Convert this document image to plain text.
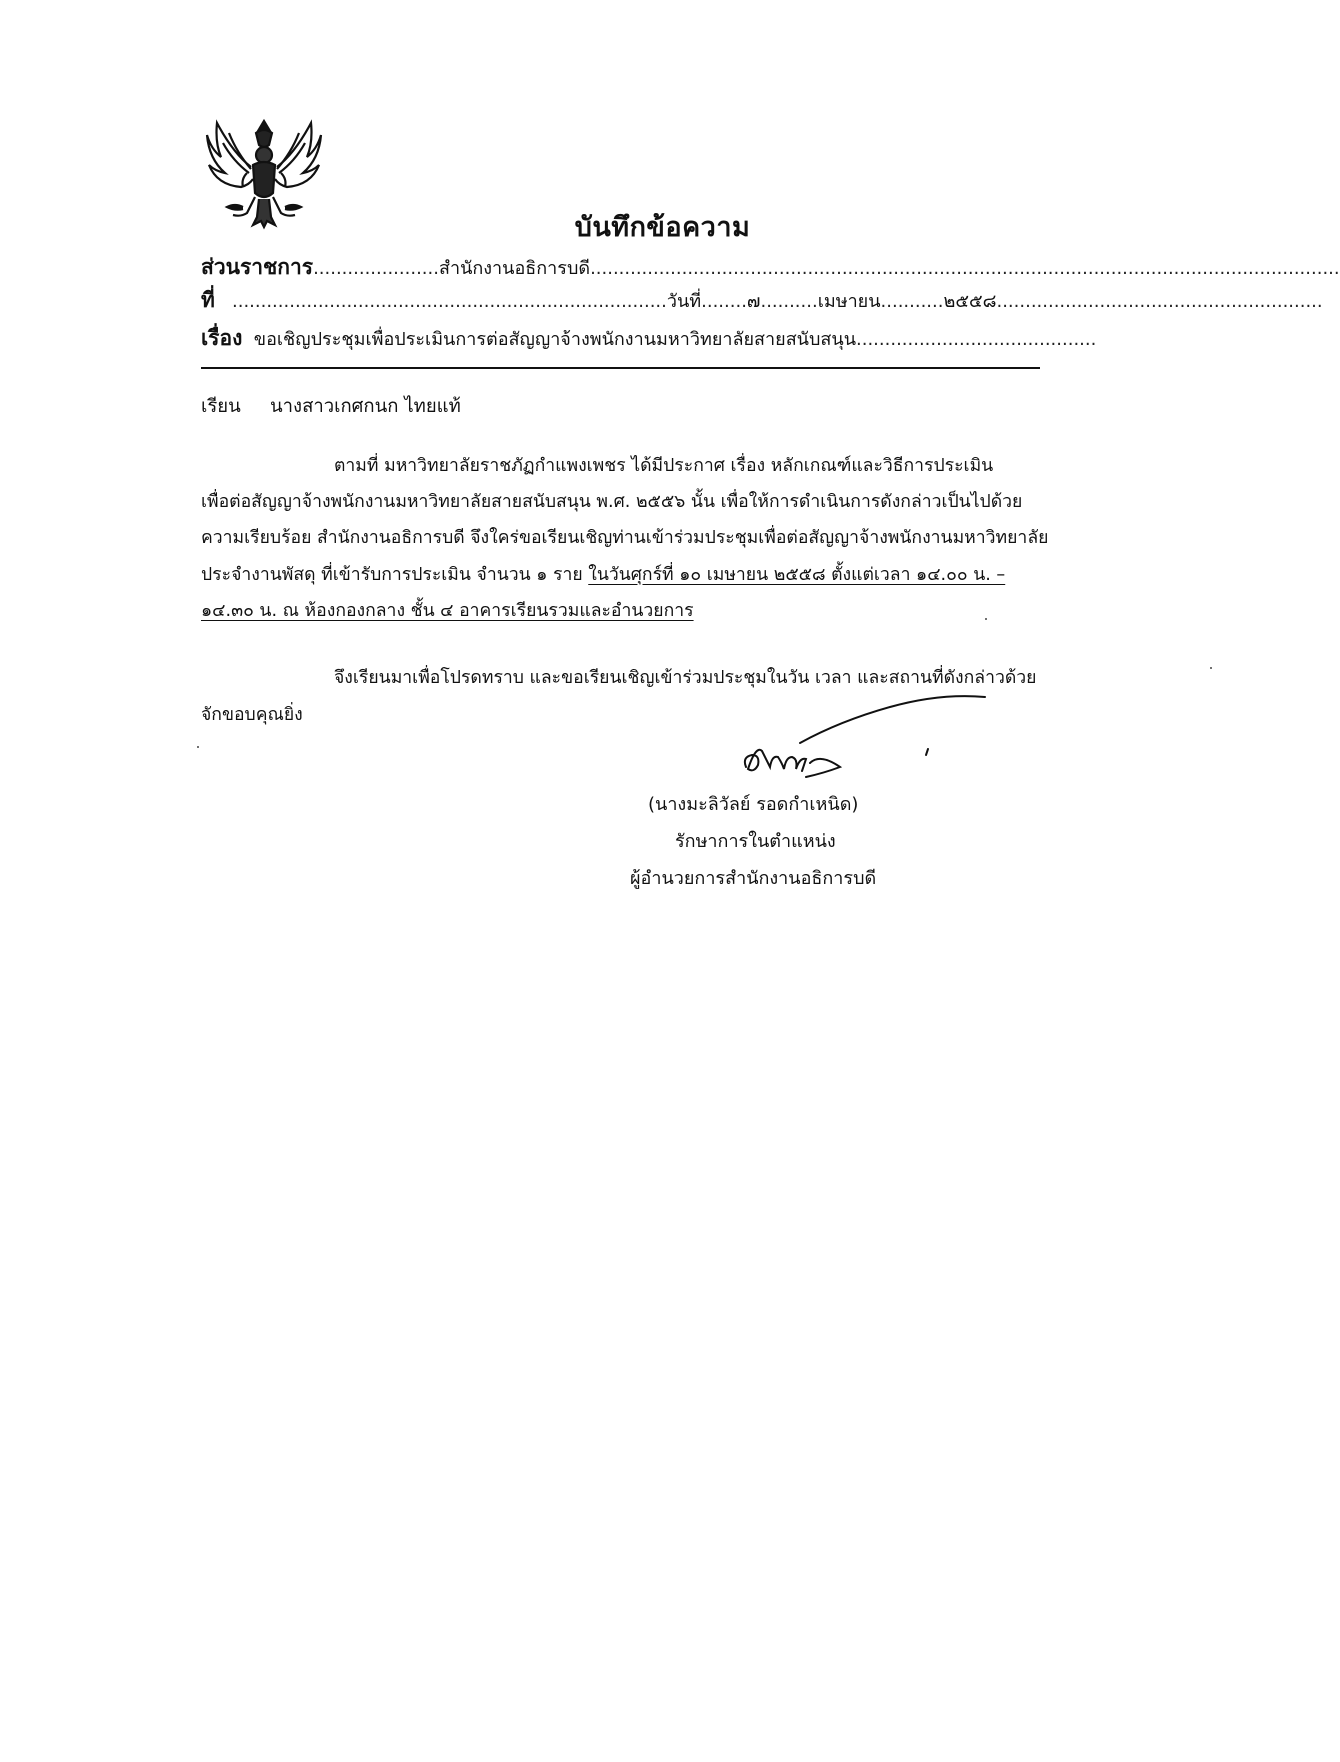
บันทึกข้อความ
ส่วนราชการ......................สำนักงานอธิการบดี...................................................................................................................................
ที่   ............................................................................วันที่........๗..........เมษายน...........๒๕๕๘.........................................................
เรื่อง ขอเชิญประชุมเพื่อประเมินการต่อสัญญาจ้างพนักงานมหาวิทยาลัยสายสนับสนุน..........................................
เรียน นางสาวเกศกนก ไทยแท้
ตามที่ มหาวิทยาลัยราชภัฏกำแพงเพชร ได้มีประกาศ เรื่อง หลักเกณฑ์และวิธีการประเมิน
เพื่อต่อสัญญาจ้างพนักงานมหาวิทยาลัยสายสนับสนุน พ.ศ. ๒๕๕๖ นั้น เพื่อให้การดำเนินการดังกล่าวเป็นไปด้วย
ความเรียบร้อย สำนักงานอธิการบดี จึงใคร่ขอเรียนเชิญท่านเข้าร่วมประชุมเพื่อต่อสัญญาจ้างพนักงานมหาวิทยาลัย
ประจำงานพัสดุ ที่เข้ารับการประเมิน จำนวน ๑ ราย ในวันศุกร์ที่ ๑๐ เมษายน ๒๕๕๘ ตั้งแต่เวลา ๑๔.๐๐ น. –
๑๔.๓๐ น. ณ ห้องกองกลาง ชั้น ๔ อาคารเรียนรวมและอำนวยการ
จึงเรียนมาเพื่อโปรดทราบ และขอเรียนเชิญเข้าร่วมประชุมในวัน เวลา และสถานที่ดังกล่าวด้วย
จักขอบคุณยิ่ง
(นางมะลิวัลย์ รอดกำเหนิด)
รักษาการในตำแหน่ง
ผู้อำนวยการสำนักงานอธิการบดี
